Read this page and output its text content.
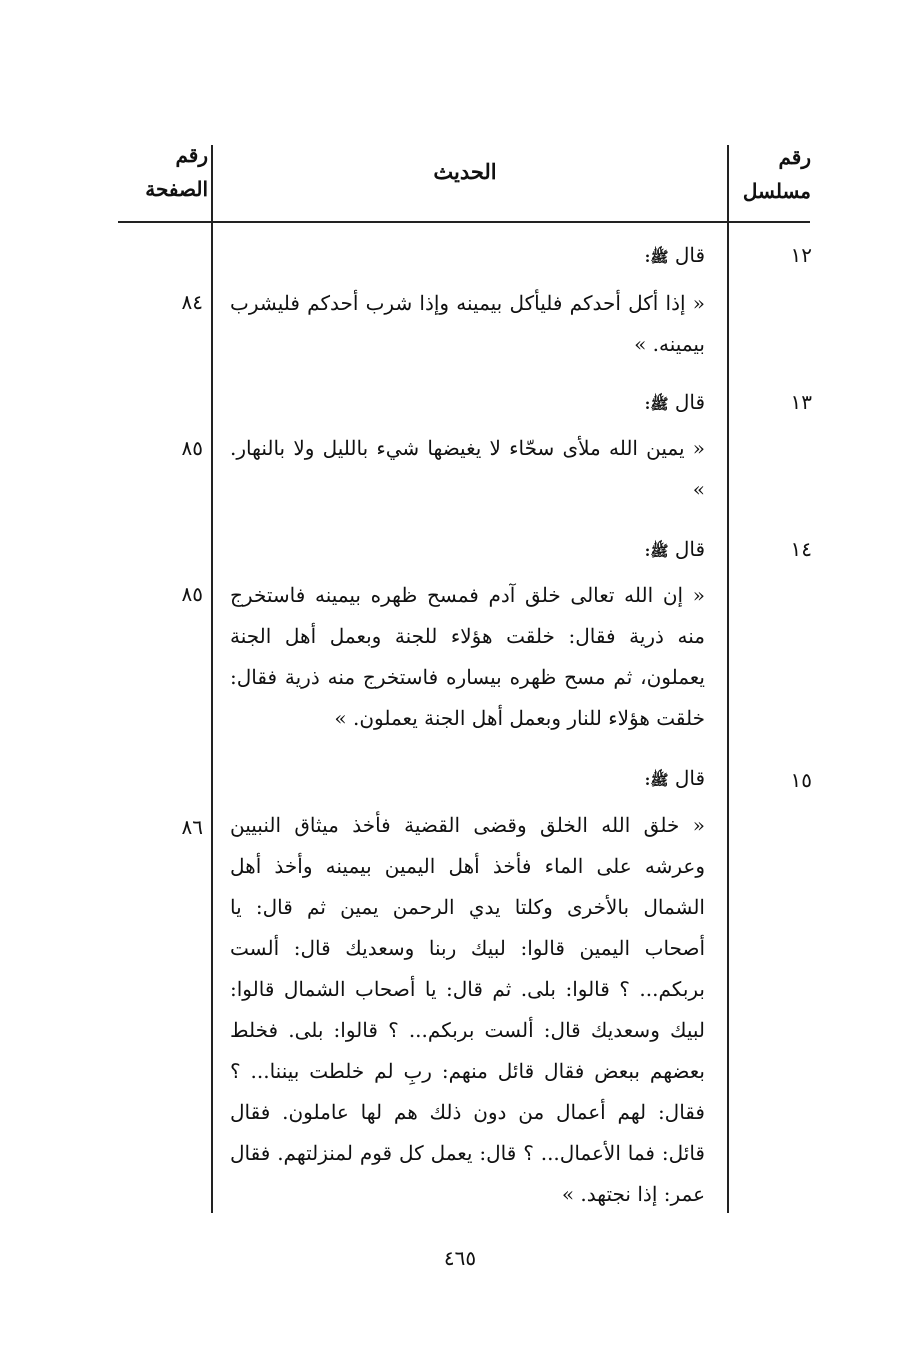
رقم
مسلسل
الحديث
رقم
الصفحة
١٢
قال ﷺ:
« إذا أكل أحدكم فليأكل بيمينه وإذا شرب أحدكم فليشرب بيمينه. »
٨٤
١٣
قال ﷺ:
« يمين الله ملأى سحّاء لا يغيضها شيء بالليل ولا بالنهار. »
٨٥
١٤
قال ﷺ:
« إن الله تعالى خلق آدم فمسح ظهره بيمينه فاستخرج منه ذرية فقال: خلقت هؤلاء للجنة وبعمل أهل الجنة يعملون، ثم مسح ظهره بيساره فاستخرج منه ذرية فقال: خلقت هؤلاء للنار وبعمل أهل الجنة يعملون. »
٨٥
١٥
قال ﷺ:
« خلق الله الخلق وقضى القضية فأخذ ميثاق النبيين وعرشه على الماء فأخذ أهل اليمين بيمينه وأخذ أهل الشمال بالأخرى وكلتا يدي الرحمن يمين ثم قال: يا أصحاب اليمين قالوا: لبيك ربنا وسعديك قال: ألست بربكم... ؟ قالوا: بلى. ثم قال: يا أصحاب الشمال قالوا: لبيك وسعديك قال: ألست بربكم... ؟ قالوا: بلى. فخلط بعضهم ببعض فقال قائل منهم: ربِ لم خلطت بيننا... ؟ فقال: لهم أعمال من دون ذلك هم لها عاملون. فقال قائل: فما الأعمال... ؟ قال: يعمل كل قوم لمنزلتهم. فقال عمر: إذا نجتهد. »
٨٦
٤٦٥
